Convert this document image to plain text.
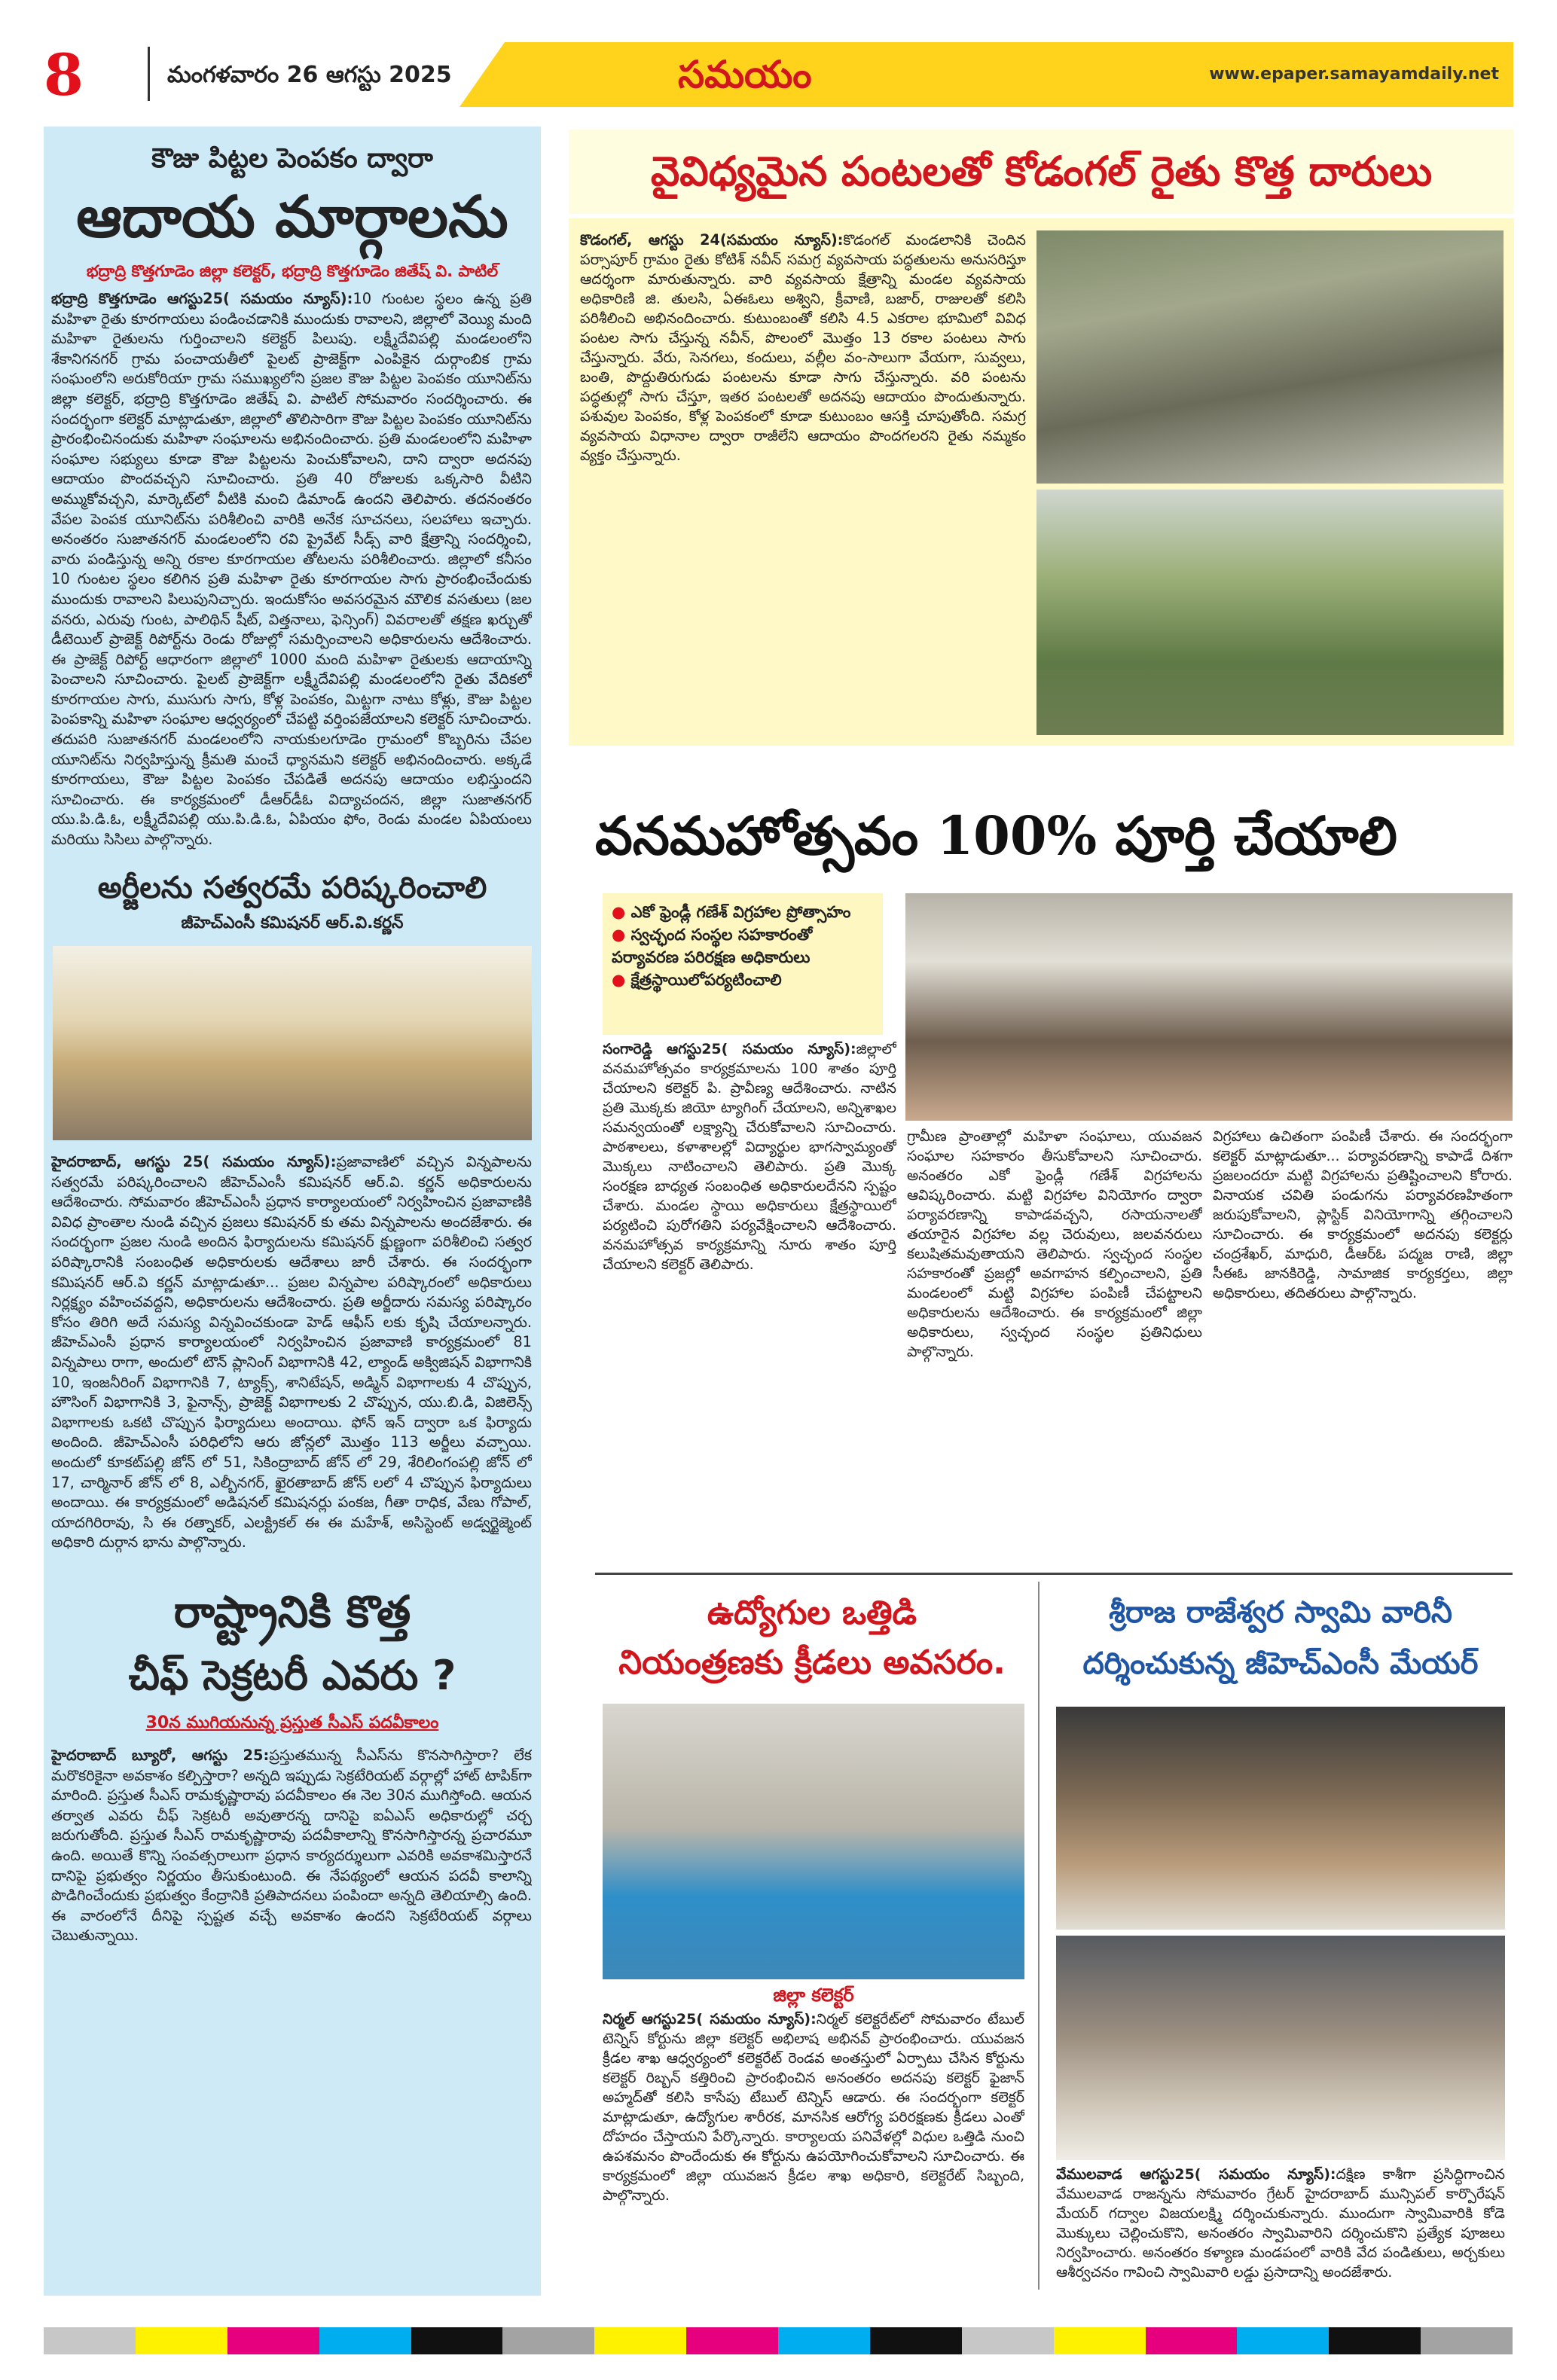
8	మంగళవారం 26 ఆగస్టు 2025	సమయం	www.epaper.samayamdaily.net
కౌజు పిట్టల పెంపకం ద్వారా
ఆదాయ మార్గాలను
భద్రాద్రి కొత్తగూడెం జిల్లా కలెక్టర్, భద్రాద్రి కొత్తగూడెం జితేష్ వి. పాటిల్
భద్రాద్రి కొత్తగూడెం ఆగస్టు25( సమయం న్యూస్):10 గుంటల స్థలం ఉన్న ప్రతి మహిళా రైతు కూరగాయలు పండించడానికి ముందుకు రావాలని, జిల్లాలో వెయ్యి మంది మహిళా రైతులను గుర్తించాలని కలెక్టర్ పిలుపు. లక్ష్మీదేవిపల్లి మండలంలోని శేకానిగనగర్ గ్రామ పంచాయతీలో పైలట్ ప్రాజెక్ట్‌గా ఎంపికైన దుర్గాంబిక గ్రామ సంఘంలోని అరుకోరియా గ్రామ సముఖ్యలోని ప్రజల కౌజు పిట్టల పెంపకం యూనిట్‌ను జిల్లా కలెక్టర్, భద్రాద్రి కొత్తగూడెం జితేష్ వి. పాటిల్ సోమవారం సందర్శించారు. ఈ సందర్భంగా కలెక్టర్ మాట్లాడుతూ, జిల్లాలో తొలిసారిగా కౌజు పిట్టల పెంపకం యూనిట్‌ను ప్రారంభించినందుకు మహిళా సంఘాలను అభినందించారు. ప్రతి మండలంలోని మహిళా సంఘాల సభ్యులు కూడా కౌజు పిట్టలను పెంచుకోవాలని, దాని ద్వారా అదనపు ఆదాయం పొందవచ్చని సూచించారు. ప్రతి 40 రోజులకు ఒక్కసారి వీటిని అమ్ముకోవచ్చని, మార్కెట్‌లో వీటికి మంచి డిమాండ్ ఉందని తెలిపారు. తదనంతరం వేపల పెంపక యూనిట్‌ను పరిశీలించి వారికి అనేక సూచనలు, సలహాలు ఇచ్చారు. అనంతరం సుజాతనగర్ మండలంలోని రవి ప్రైవేట్ సీడ్స్ వారి క్షేత్రాన్ని సందర్శించి, వారు పండిస్తున్న అన్ని రకాల కూరగాయల తోటలను పరిశీలించారు. జిల్లాలో కనీసం 10 గుంటల స్థలం కలిగిన ప్రతి మహిళా రైతు కూరగాయల సాగు ప్రారంభించేందుకు ముందుకు రావాలని పిలుపునిచ్చారు. ఇందుకోసం అవసరమైన మౌలిక వసతులు (జల వనరు, ఎరువు గుంట, పాలిథిన్ షీట్, విత్తనాలు, ఫెన్సింగ్) వివరాలతో తక్షణ ఖర్చుతో డీటెయిల్ ప్రాజెక్ట్ రిపోర్ట్‌ను రెండు రోజుల్లో సమర్పించాలని అధికారులను ఆదేశించారు. ఈ ప్రాజెక్ట్ రిపోర్ట్ ఆధారంగా జిల్లాలో 1000 మంది మహిళా రైతులకు ఆదాయాన్ని పెంచాలని సూచించారు. పైలట్ ప్రాజెక్ట్‌గా లక్ష్మీదేవిపల్లి మండలంలోని రైతు వేదికలో కూరగాయల సాగు, ముసుగు సాగు, కోళ్ల పెంపకం, మిట్టగా నాటు కోళ్లు, కౌజు పిట్టల పెంపకాన్ని మహిళా సంఘాల ఆధ్వర్యంలో చేపట్టి వర్తింపజేయాలని కలెక్టర్ సూచించారు. తదుపరి సుజాతనగర్ మండలంలోని నాయకులగూడెం గ్రామంలో కొబ్బరిను చేపల యూనిట్‌ను నిర్వహిస్తున్న క్రీమతి మంచే ధ్యానమని కలెక్టర్ అభినందించారు. అక్కడే కూరగాయలు, కౌజు పిట్టల పెంపకం చేపడితే అదనపు ఆదాయం లభిస్తుందని సూచించారు. ఈ కార్యక్రమంలో డీఆర్‌డీఓ విద్యాచందన, జిల్లా సుజాతనగర్ యు.పి.డి.ఓ, లక్ష్మీదేవిపల్లి యు.పి.డి.ఓ, ఏపియం ఫోం, రెండు మండల ఏపియంలు మరియు సిసిలు పాల్గొన్నారు.
అర్జీలను సత్వరమే పరిష్కరించాలి
జీహెచ్ఎంసీ కమిషనర్ ఆర్.వి.కర్ణన్
హైదరాబాద్, ఆగస్టు 25( సమయం న్యూస్):ప్రజావాణిలో వచ్చిన విన్నపాలను సత్వరమే పరిష్కరించాలని జీహెచ్ఎంసీ కమిషనర్ ఆర్.వి. కర్ణన్ అధికారులను ఆదేశించారు. సోమవారం జీహెచ్ఎంసీ ప్రధాన కార్యాలయంలో నిర్వహించిన ప్రజావాణికి వివిధ ప్రాంతాల నుండి వచ్చిన ప్రజలు కమిషనర్ కు తమ విన్నపాలను అందజేశారు. ఈ సందర్భంగా ప్రజల నుండి అందిన ఫిర్యాదులను కమిషనర్ క్షుణ్ణంగా పరిశీలించి సత్వర పరిష్కారానికి సంబంధిత అధికారులకు ఆదేశాలు జారీ చేశారు. ఈ సందర్భంగా కమిషనర్ ఆర్.వి కర్ణన్ మాట్లాడుతూ... ప్రజల విన్నపాల పరిష్కారంలో అధికారులు నిర్లక్ష్యం వహించవద్దని, అధికారులను ఆదేశించారు. ప్రతి అర్జీదారు సమస్య పరిష్కారం కోసం తిరిగి అదే సమస్య విన్నవించకుండా హెడ్ ఆఫీస్ లకు కృషి చేయాలన్నారు. జీహెచ్ఎంసీ ప్రధాన కార్యాలయంలో నిర్వహించిన ప్రజావాణి కార్యక్రమంలో 81 విన్నపాలు రాగా, అందులో టౌన్ ప్లానింగ్ విభాగానికి 42, ల్యాండ్ అక్విజిషన్ విభాగానికి 10, ఇంజనీరింగ్ విభాగానికి 7, ట్యాక్స్, శానిటేషన్, అడ్మిన్ విభాగాలకు 4 చొప్పున, హౌసింగ్ విభాగానికి 3, ఫైనాన్స్, ప్రాజెక్ట్ విభాగాలకు 2 చొప్పున, యు.బి.డి, విజిలెన్స్ విభాగాలకు ఒకటి చొప్పున ఫిర్యాదులు అందాయి. ఫోన్ ఇన్ ద్వారా ఒక ఫిర్యాదు అందింది. జీహెచ్ఎంసీ పరిధిలోని ఆరు జోన్లలో మొత్తం 113 అర్జీలు వచ్చాయి. అందులో కూకట్‌పల్లి జోన్ లో 51, సికింద్రాబాద్ జోన్ లో 29, శేరిలింగంపల్లి జోన్ లో 17, చార్మినార్ జోన్ లో 8, ఎల్బీనగర్, ఖైరతాబాద్ జోన్ లలో 4 చొప్పున ఫిర్యాదులు అందాయి. ఈ కార్యక్రమంలో అడిషనల్ కమిషనర్లు పంకజ, గీతా రాధిక, వేణు గోపాల్, యాదగిరిరావు, సి ఈ రత్నాకర్, ఎలక్ట్రికల్ ఈ ఈ మహేశ్, అసిస్టెంట్ అడ్వర్టైజ్మెంట్ అధికారి దుర్గాన భాను పాల్గొన్నారు.
రాష్ట్రానికి కొత్త
చీఫ్ సెక్రటరీ ఎవరు ?
30న ముగియనున్న ప్రస్తుత సీఎస్ పదవీకాలం
హైదరాబాద్ బ్యూరో, ఆగస్టు 25:ప్రస్తుతమున్న సీఎస్‌ను కొనసాగిస్తారా? లేక మరొకరికైనా అవకాశం కల్పిస్తారా? అన్నది ఇప్పుడు సెక్రటేరియట్ వర్గాల్లో హాట్ టాపిక్‌గా మారింది. ప్రస్తుత సీఎస్ రామకృష్ణారావు పదవీకాలం ఈ నెల 30న ముగిస్తోంది. ఆయన తర్వాత ఎవరు చీఫ్ సెక్రటరీ అవుతారన్న దానిపై ఐఏఎస్ అధికారుల్లో చర్చ జరుగుతోంది. ప్రస్తుత సీఎస్ రామకృష్ణారావు పదవీకాలాన్ని కొనసాగిస్తారన్న ప్రచారమూ ఉంది. అయితే కొన్ని సంవత్సరాలుగా ప్రధాన కార్యదర్శులుగా ఎవరికి అవకాశమిస్తారనే దానిపై ప్రభుత్వం నిర్ణయం తీసుకుంటుంది. ఈ నేపథ్యంలో ఆయన పదవీ కాలాన్ని పొడిగించేందుకు ప్రభుత్వం కేంద్రానికి ప్రతిపాదనలు పంపిందా అన్నది తెలియాల్సి ఉంది. ఈ వారంలోనే దీనిపై స్పష్టత వచ్చే అవకాశం ఉందని సెక్రటేరియట్ వర్గాలు చెబుతున్నాయి.
వైవిధ్యమైన పంటలతో కోడంగల్ రైతు కొత్త దారులు
కొడంగల్, ఆగస్టు 24(సమయం న్యూస్):కొడంగల్ మండలానికి చెందిన పర్సాపూర్ గ్రామం రైతు కోటిశ్ నవీన్ సమగ్ర వ్యవసాయ పద్ధతులను అనుసరిస్తూ ఆదర్శంగా మారుతున్నారు. వారి వ్యవసాయ క్షేత్రాన్ని మండల వ్యవసాయ అధికారిణి జి. తులసి, ఏఈఓలు అశ్విని, క్రీవాణి, బజార్, రాజులతో కలిసి పరిశీలించి అభినందించారు. కుటుంబంతో కలిసి 4.5 ఎకరాల భూమిలో వివిధ పంటల సాగు చేస్తున్న నవీన్, పొలంలో మొత్తం 13 రకాల పంటలు సాగు చేస్తున్నారు. వేరు, సెనగలు, కందులు, వల్లీల వం-సాలుగా వేయగా, సువ్వలు, బంతి, పొద్దుతిరుగుడు పంటలను కూడా సాగు చేస్తున్నారు. వరి పంటను పద్ధతుల్లో సాగు చేస్తూ, ఇతర పంటలతో అదనపు ఆదాయం పొందుతున్నారు. పశువుల పెంపకం, కోళ్ల పెంపకంలో కూడా కుటుంబం ఆసక్తి చూపుతోంది. సమగ్ర వ్యవసాయ విధానాల ద్వారా రాజీలేని ఆదాయం పొందగలరని రైతు నమ్మకం వ్యక్తం చేస్తున్నారు.
వనమహోత్సవం 100% పూర్తి చేయాలి
● ఎకో ఫ్రెండ్లీ గణేశ్ విగ్రహాల ప్రోత్సాహం
● స్వచ్ఛంద సంస్థల సహకారంతో పర్యావరణ పరిరక్షణ అధికారులు
● క్షేత్రస్థాయిలోపర్యటించాలి
సంగారెడ్డి ఆగస్టు25( సమయం న్యూస్):జిల్లాలో వనమహోత్సవం కార్యక్రమాలను 100 శాతం పూర్తి చేయాలని కలెక్టర్ పి. ప్రావీణ్య ఆదేశించారు. నాటిన ప్రతి మొక్కకు జియో ట్యాగింగ్ చేయాలని, అన్నిశాఖల సమన్వయంతో లక్ష్యాన్ని చేరుకోవాలని సూచించారు. పాఠశాలలు, కళాశాలల్లో విద్యార్థుల భాగస్వామ్యంతో మొక్కలు నాటించాలని తెలిపారు. ప్రతి మొక్క సంరక్షణ బాధ్యత సంబంధిత అధికారులదేనని స్పష్టం చేశారు. మండల స్థాయి అధికారులు క్షేత్రస్థాయిలో పర్యటించి పురోగతిని పర్యవేక్షించాలని ఆదేశించారు. వనమహోత్సవ కార్యక్రమాన్ని నూరు శాతం పూర్తి చేయాలని కలెక్టర్ తెలిపారు.
గ్రామీణ ప్రాంతాల్లో మహిళా సంఘాలు, యువజన సంఘాల సహకారం తీసుకోవాలని సూచించారు. అనంతరం ఎకో ఫ్రెండ్లీ గణేశ్ విగ్రహాలను ఆవిష్కరించారు. మట్టి విగ్రహాల వినియోగం ద్వారా పర్యావరణాన్ని కాపాడవచ్చని, రసాయనాలతో తయారైన విగ్రహాల వల్ల చెరువులు, జలవనరులు కలుషితమవుతాయని తెలిపారు. స్వచ్ఛంద సంస్థల సహకారంతో ప్రజల్లో అవగాహన కల్పించాలని, ప్రతి మండలంలో మట్టి విగ్రహాల పంపిణీ చేపట్టాలని అధికారులను ఆదేశించారు. ఈ కార్యక్రమంలో జిల్లా అధికారులు, స్వచ్ఛంద సంస్థల ప్రతినిధులు పాల్గొన్నారు.
విగ్రహాలు ఉచితంగా పంపిణీ చేశారు. ఈ సందర్భంగా కలెక్టర్ మాట్లాడుతూ... పర్యావరణాన్ని కాపాడే దిశగా ప్రజలందరూ మట్టి విగ్రహాలను ప్రతిష్టించాలని కోరారు. వినాయక చవితి పండుగను పర్యావరణహితంగా జరుపుకోవాలని, ప్లాస్టిక్ వినియోగాన్ని తగ్గించాలని సూచించారు. ఈ కార్యక్రమంలో అదనపు కలెక్టర్లు చంద్రశేఖర్, మాధురి, డీఆర్ఓ పద్మజ రాణి, జిల్లా సీఈఓ జానకిరెడ్డి, సామాజిక కార్యకర్తలు, జిల్లా అధికారులు, తదితరులు పాల్గొన్నారు.
ఉద్యోగుల ఒత్తిడి
నియంత్రణకు క్రీడలు అవసరం.
జిల్లా కలెక్టర్
నిర్మల్ ఆగస్టు25( సమయం న్యూస్):నిర్మల్ కలెక్టరేట్‌లో సోమవారం టేబుల్ టెన్నిస్ కోర్టును జిల్లా కలెక్టర్ అభిలాష అభినవ్ ప్రారంభించారు. యువజన క్రీడల శాఖ ఆధ్వర్యంలో కలెక్టరేట్ రెండవ అంతస్తులో ఏర్పాటు చేసిన కోర్టును కలెక్టర్ రిబ్బన్ కత్తిరించి ప్రారంభించిన అనంతరం అదనపు కలెక్టర్ ఫైజాన్ అహ్మద్‌తో కలిసి కాసేపు టేబుల్ టెన్నిస్ ఆడారు. ఈ సందర్భంగా కలెక్టర్ మాట్లాడుతూ, ఉద్యోగుల శారీరక, మానసిక ఆరోగ్య పరిరక్షణకు క్రీడలు ఎంతో దోహదం చేస్తాయని పేర్కొన్నారు. కార్యాలయ పనివేళల్లో విధుల ఒత్తిడి నుంచి ఉపశమనం పొందేందుకు ఈ కోర్టును ఉపయోగించుకోవాలని సూచించారు. ఈ కార్యక్రమంలో జిల్లా యువజన క్రీడల శాఖ అధికారి, కలెక్టరేట్ సిబ్బంది, పాల్గొన్నారు.
శ్రీరాజ రాజేశ్వర స్వామి వారినీ
దర్శించుకున్న జీహెచ్ఎంసీ మేయర్
వేములవాడ ఆగస్టు25( సమయం న్యూస్):దక్షిణ కాశీగా ప్రసిద్ధిగాంచిన వేములవాడ రాజన్నను సోమవారం గ్రేటర్ హైదరాబాద్ మున్సిపల్ కార్పొరేషన్ మేయర్ గద్వాల విజయలక్ష్మి దర్శించుకున్నారు. ముందుగా స్వామివారికి కోడె మొక్కులు చెల్లించుకొని, అనంతరం స్వామివారిని దర్శించుకొని ప్రత్యేక పూజలు నిర్వహించారు. అనంతరం కళ్యాణ మండపంలో వారికి వేద పండితులు, అర్చకులు ఆశీర్వచనం గావించి స్వామివారి లడ్డు ప్రసాదాన్ని అందజేశారు.
